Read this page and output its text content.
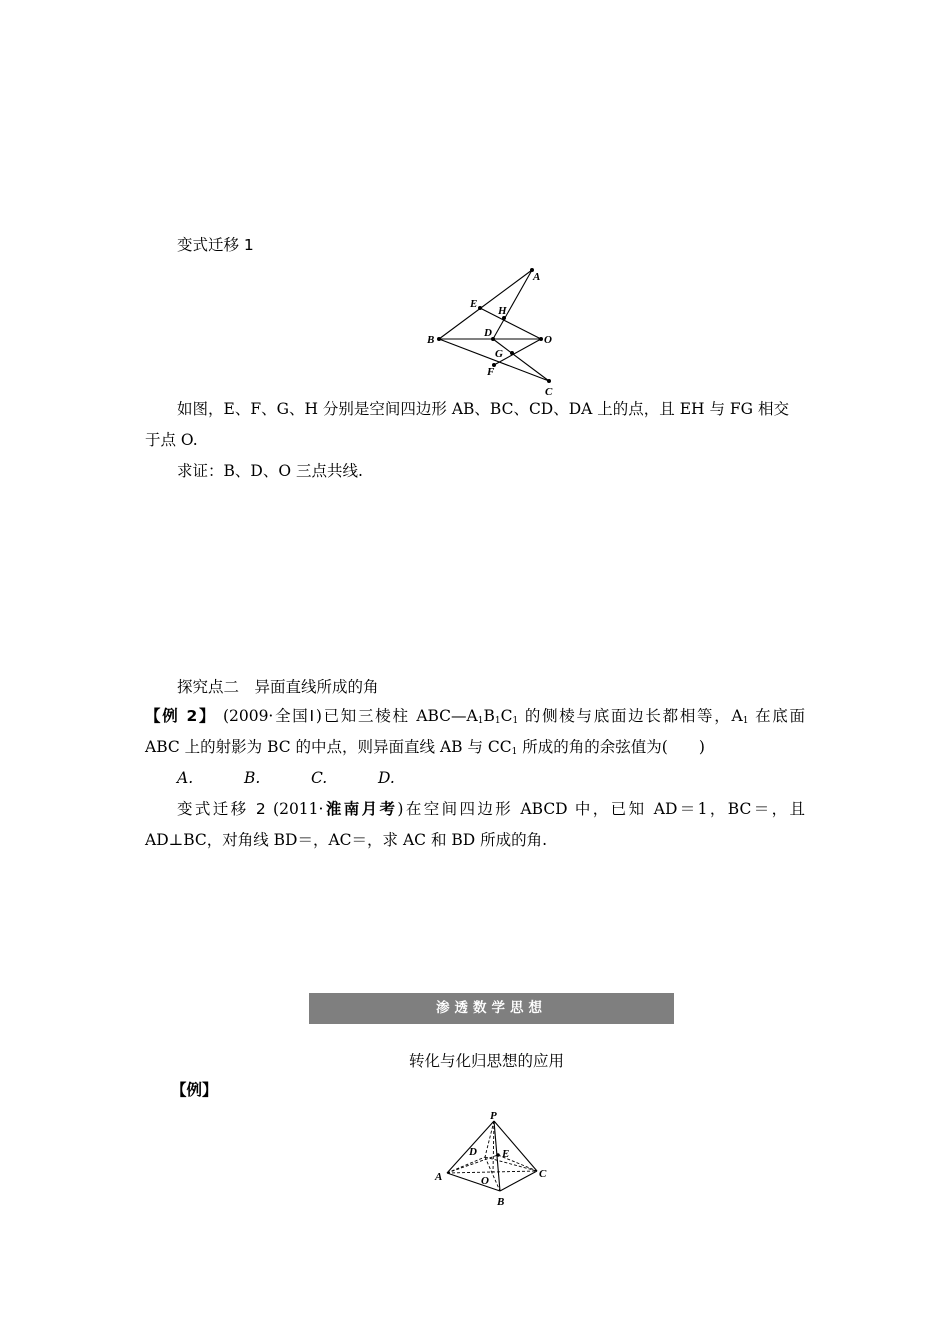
变式迁移 1
A
E
H
D
B	O
G
F
C
如图，E、F、G、H 分别是空间四边形 AB、BC、CD、DA 上的点，且 EH 与 FG 相交
于点 O.
求证：B、D、O 三点共线.
探究点二　异面直线所成的角
【例 2】 (2009·全国Ⅰ)已知三棱柱 $ABC—A_1B_1C_1$ 的侧棱与底面边长都相等，$A_1$ 在底面
ABC 上的射影为 BC 的中点，则异面直线 AB 与 $CC_1$ 所成的角的余弦值为(　　)
A.	B.	C.	D.
变式迁移 2 (2011·淮南月考)在空间四边形 ABCD 中，已知 AD＝1，BC＝，且
AD⊥BC，对角线 BD＝，AC＝，求 AC 和 BD 所成的角.
渗透数学思想
转化与化归思想的应用
【例】
P
D E
A	O
C
B
